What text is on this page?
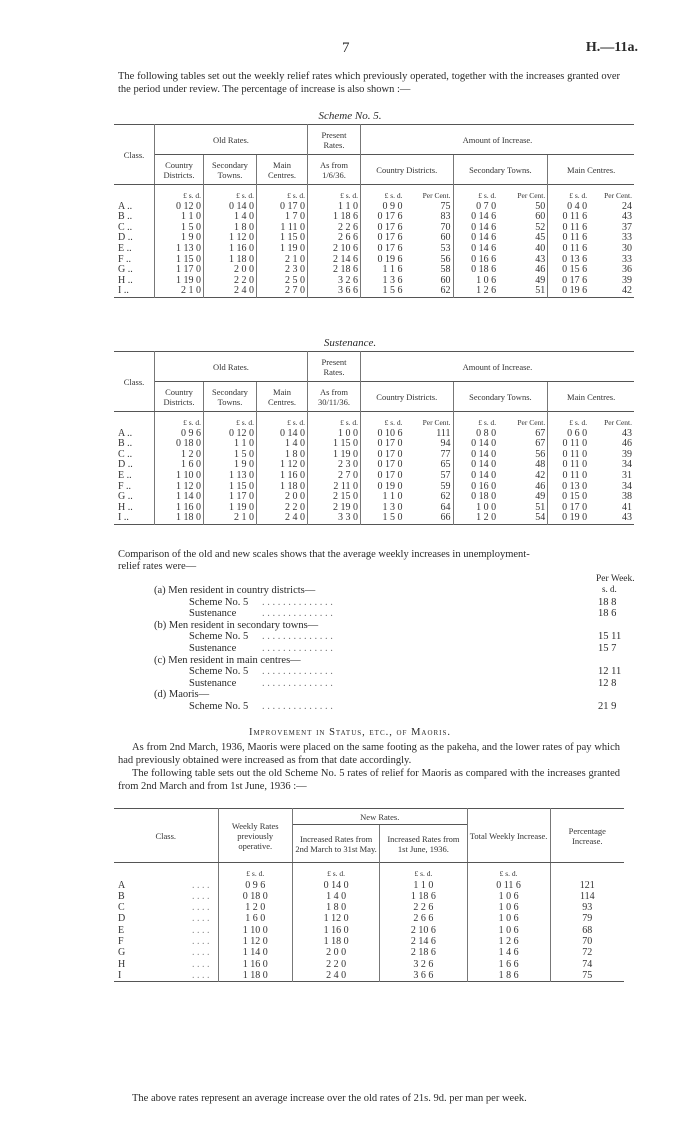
7	H.—11a.
The following tables set out the weekly relief rates which previously operated, together with the increases granted over the period under review. The percentage of increase is also shown :—
Scheme No. 5.
Class.	Old Rates.			Present Rates.	Amount of Increase.					
	Country Districts.	Secondary Towns.	Main Centres.	As from 1/6/36.	Country Districts.		Secondary Towns.		Main Centres.	
	£ s. d.	£ s. d.	£ s. d.	£ s. d.	£ s. d.	Per Cent.	£ s. d.	Per Cent.	£ s. d.	Per Cent.
A ..	0 12 0	0 14 0	0 17 0	1 1 0	0 9 0	75	0 7 0	50	0 4 0	24
B ..	1 1 0	1 4 0	1 7 0	1 18 6	0 17 6	83	0 14 6	60	0 11 6	43
C ..	1 5 0	1 8 0	1 11 0	2 2 6	0 17 6	70	0 14 6	52	0 11 6	37
D ..	1 9 0	1 12 0	1 15 0	2 6 6	0 17 6	60	0 14 6	45	0 11 6	33
E ..	1 13 0	1 16 0	1 19 0	2 10 6	0 17 6	53	0 14 6	40	0 11 6	30
F ..	1 15 0	1 18 0	2 1 0	2 14 6	0 19 6	56	0 16 6	43	0 13 6	33
G ..	1 17 0	2 0 0	2 3 0	2 18 6	1 1 6	58	0 18 6	46	0 15 6	36
H ..	1 19 0	2 2 0	2 5 0	3 2 6	1 3 6	60	1 0 6	49	0 17 6	39
I ..	2 1 0	2 4 0	2 7 0	3 6 6	1 5 6	62	1 2 6	51	0 19 6	42
Sustenance.
Class.	Old Rates.			Present Rates.	Amount of Increase.					
	Country Districts.	Secondary Towns.	Main Centres.	As from 30/11/36.	Country Districts.		Secondary Towns.		Main Centres.	
	£ s. d.	£ s. d.	£ s. d.	£ s. d.	£ s. d.	Per Cent.	£ s. d.	Per Cent.	£ s. d.	Per Cent.
A ..	0 9 6	0 12 0	0 14 0	1 0 0	0 10 6	111	0 8 0	67	0 6 0	43
B ..	0 18 0	1 1 0	1 4 0	1 15 0	0 17 0	94	0 14 0	67	0 11 0	46
C ..	1 2 0	1 5 0	1 8 0	1 19 0	0 17 0	77	0 14 0	56	0 11 0	39
D ..	1 6 0	1 9 0	1 12 0	2 3 0	0 17 0	65	0 14 0	48	0 11 0	34
E ..	1 10 0	1 13 0	1 16 0	2 7 0	0 17 0	57	0 14 0	42	0 11 0	31
F ..	1 12 0	1 15 0	1 18 0	2 11 0	0 19 0	59	0 16 0	46	0 13 0	34
G ..	1 14 0	1 17 0	2 0 0	2 15 0	1 1 0	62	0 18 0	49	0 15 0	38
H ..	1 16 0	1 19 0	2 2 0	2 19 0	1 3 0	64	1 0 0	51	0 17 0	41
I ..	1 18 0	2 1 0	2 4 0	3 3 0	1 5 0	66	1 2 0	54	0 19 0	43
Comparison of the old and new scales shows that the average weekly increases in unemployment-
relief rates were—
Per Week.
s. d.
(a) Men resident in country districts—
Scheme No. 5 . . . . . . . . . . . . . .	18 8
Sustenance . . . . . . . . . . . . . .	18 6
(b) Men resident in secondary towns—
Scheme No. 5 . . . . . . . . . . . . . .	15 11
Sustenance . . . . . . . . . . . . . .	15 7
(c) Men resident in main centres—
Scheme No. 5 . . . . . . . . . . . . . .	12 11
Sustenance . . . . . . . . . . . . . .	12 8
(d) Maoris—
Scheme No. 5 . . . . . . . . . . . . . .	21 9
Improvement in Status, etc., of Maoris.
As from 2nd March, 1936, Maoris were placed on the same footing as the pakeha, and the lower rates of pay which had previously obtained were increased as from that date accordingly.
The following table sets out the old Scheme No. 5 rates of relief for Maoris as compared with the increases granted from 2nd March and from 1st June, 1936 :—
Class.	Weekly Rates previously operative.	New Rates.		Total Weekly Increase.	Percentage Increase.
		Increased Rates from 2nd March to 31st May.	Increased Rates from 1st June, 1936.		
	£ s. d.	£ s. d.	£ s. d.	£ s. d.	
A . . . .	0 9 6	0 14 0	1 1 0	0 11 6	121
B . . . .	0 18 0	1 4 0	1 18 6	1 0 6	114
C . . . .	1 2 0	1 8 0	2 2 6	1 0 6	93
D . . . .	1 6 0	1 12 0	2 6 6	1 0 6	79
E . . . .	1 10 0	1 16 0	2 10 6	1 0 6	68
F . . . .	1 12 0	1 18 0	2 14 6	1 2 6	70
G . . . .	1 14 0	2 0 0	2 18 6	1 4 6	72
H . . . .	1 16 0	2 2 0	3 2 6	1 6 6	74
I . . . .	1 18 0	2 4 0	3 6 6	1 8 6	75
The above rates represent an average increase over the old rates of 21s. 9d. per man per week.
